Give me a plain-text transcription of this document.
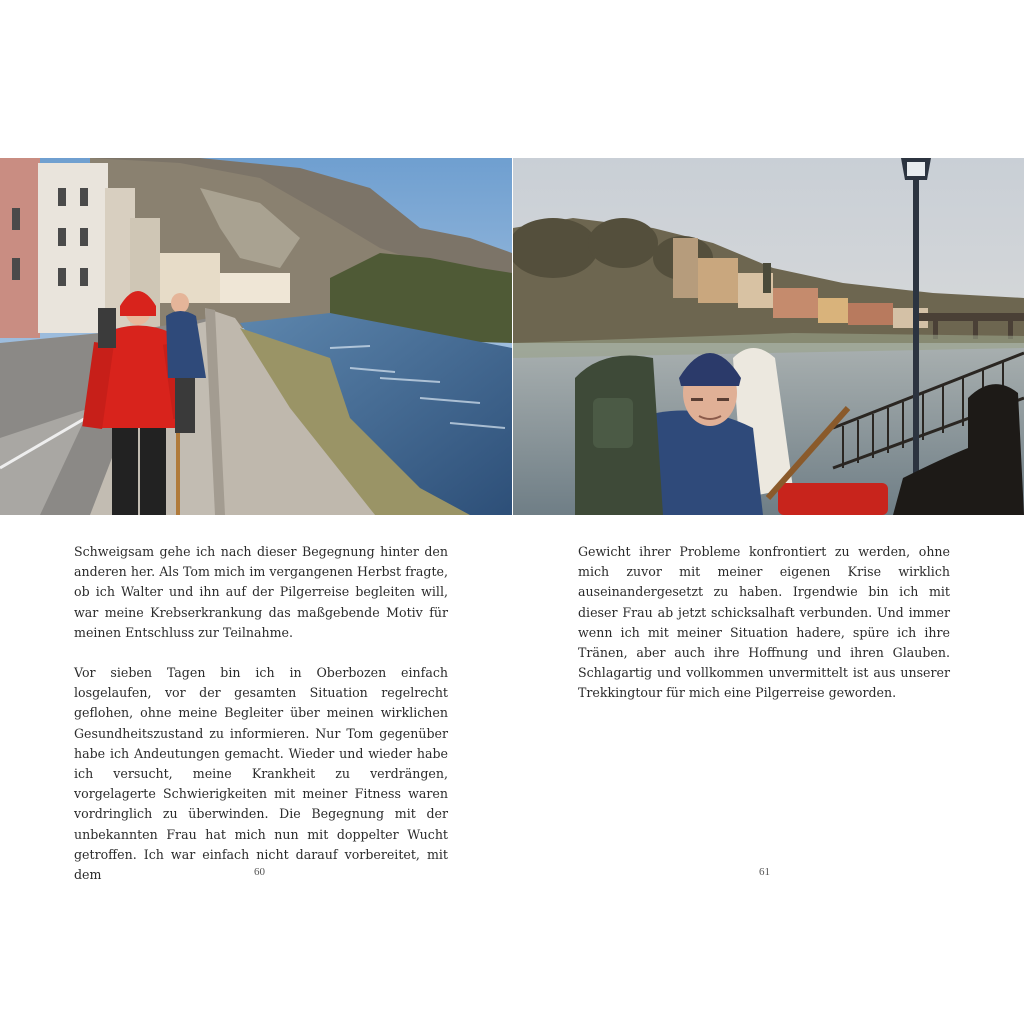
Schweigsam gehe ich nach dieser Begegnung hinter den anderen her. Als Tom mich im vergangenen Herbst fragte, ob ich Walter und ihn auf der Pilgerreise begleiten will, war meine Krebserkrankung das maßgebende Motiv für meinen Entschluss zur Teilnahme.

Vor sieben Tagen bin ich in Oberbozen einfach losgelaufen, vor der gesamten Situation regelrecht geflohen, ohne meine Begleiter über meinen wirklichen Gesundheitszustand zu informieren. Nur Tom gegenüber habe ich Andeutungen gemacht. Wieder und wieder habe ich versucht, meine Krankheit zu verdrängen, vorgelagerte Schwierigkeiten mit meiner Fitness waren vordringlich zu überwinden. Die Begegnung mit der unbekannten Frau hat mich nun mit doppelter Wucht getroffen. Ich war einfach nicht darauf vorbereitet, mit dem

Gewicht ihrer Probleme konfrontiert zu werden, ohne mich zuvor mit meiner eigenen Krise wirklich auseinandergesetzt zu haben. Irgendwie bin ich mit dieser Frau ab jetzt schicksalhaft verbunden. Und immer wenn ich mit meiner Situation hadere, spüre ich ihre Tränen, aber auch ihre Hoffnung und ihren Glauben. Schlagartig und vollkommen unvermittelt ist aus unserer Trekkingtour für mich eine Pilgerreise geworden.

60	61
